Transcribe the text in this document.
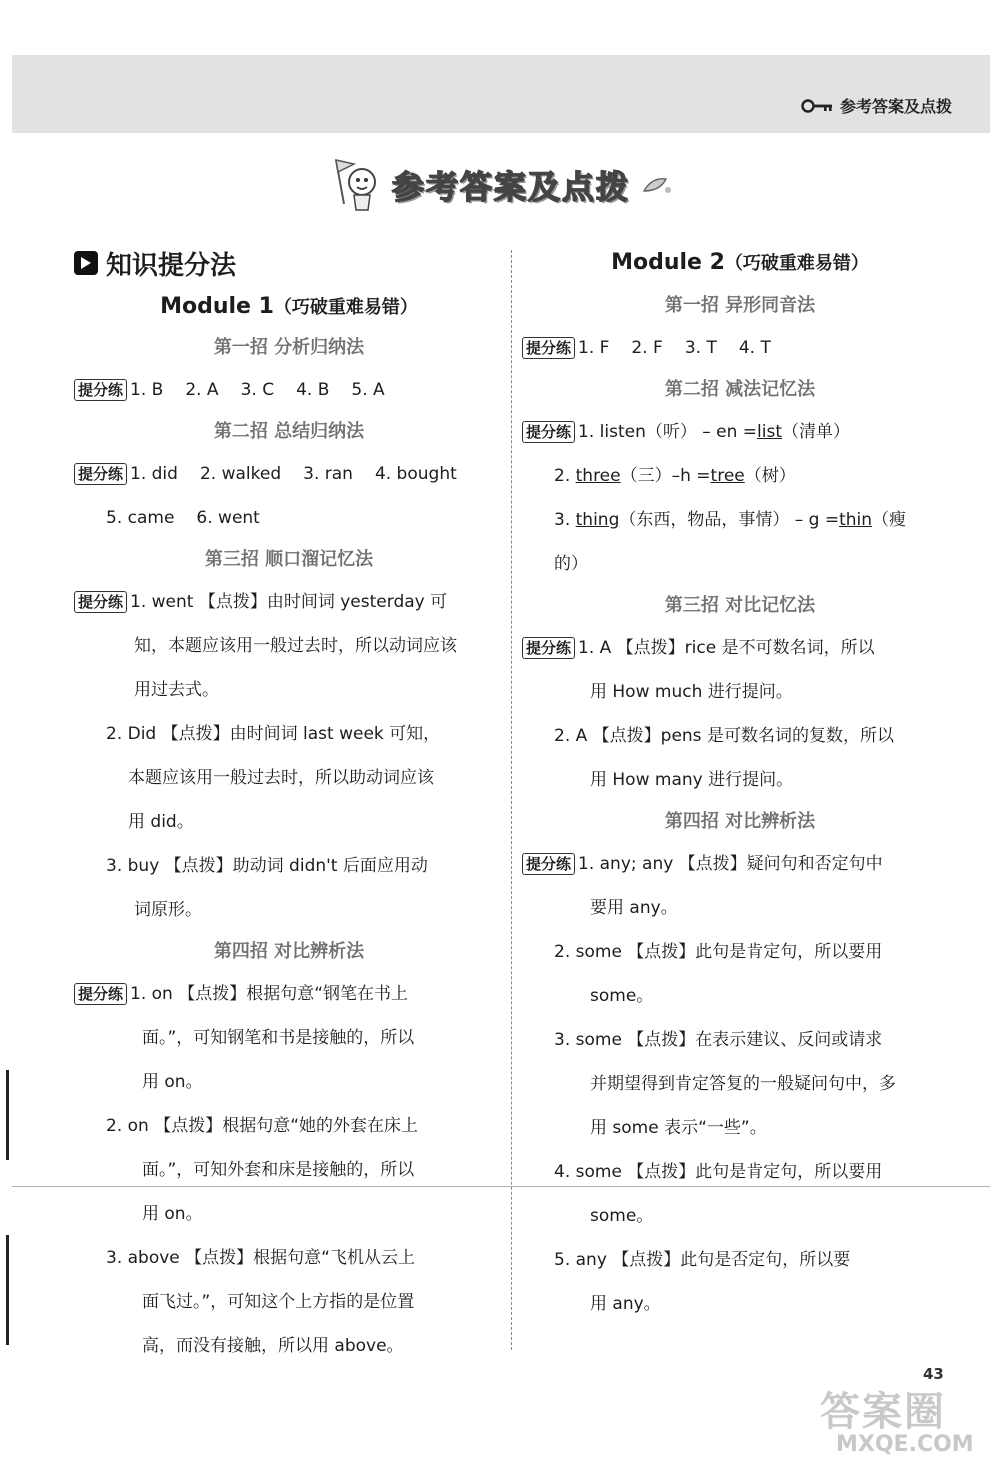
参考答案及点拨
参考答案及点拨
知识提分法
Module 1（巧破重难易错）
第一招 分析归纳法
提分练 1. B 2. A 3. C 4. B 5. A
第二招 总结归纳法
提分练 1. did 2. walked 3. ran 4. bought
5. came 6. went
第三招 顺口溜记忆法
提分练 1. went 【点拨】由时间词 yesterday 可
知，本题应该用一般过去时，所以动词应该
用过去式。
2. Did 【点拨】由时间词 last week 可知，
本题应该用一般过去时，所以助动词应该
用 did。
3. buy 【点拨】助动词 didn't 后面应用动
词原形。
第四招 对比辨析法
提分练 1. on 【点拨】根据句意“钢笔在书上
面。”，可知钢笔和书是接触的，所以
用 on。
2. on 【点拨】根据句意“她的外套在床上
面。”，可知外套和床是接触的，所以
用 on。
3. above 【点拨】根据句意“飞机从云上
面飞过。”，可知这个上方指的是位置
高，而没有接触，所以用 above。
Module 2（巧破重难易错）
第一招 异形同音法
提分练 1. F 2. F 3. T 4. T
第二招 减法记忆法
提分练 1. listen（听） – en =list（清单）
2. three（三）–h =tree（树）
3. thing（东西，物品，事情） – g =thin（瘦
的）
第三招 对比记忆法
提分练 1. A 【点拨】rice 是不可数名词，所以
用 How much 进行提问。
2. A 【点拨】pens 是可数名词的复数，所以
用 How many 进行提问。
第四招 对比辨析法
提分练 1. any; any 【点拨】疑问句和否定句中
要用 any。
2. some 【点拨】此句是肯定句，所以要用
some。
3. some 【点拨】在表示建议、反问或请求
并期望得到肯定答复的一般疑问句中，多
用 some 表示“一些”。
4. some 【点拨】此句是肯定句，所以要用
some。
5. any 【点拨】此句是否定句，所以要
用 any。
43
答案圈
MXQE.COM
